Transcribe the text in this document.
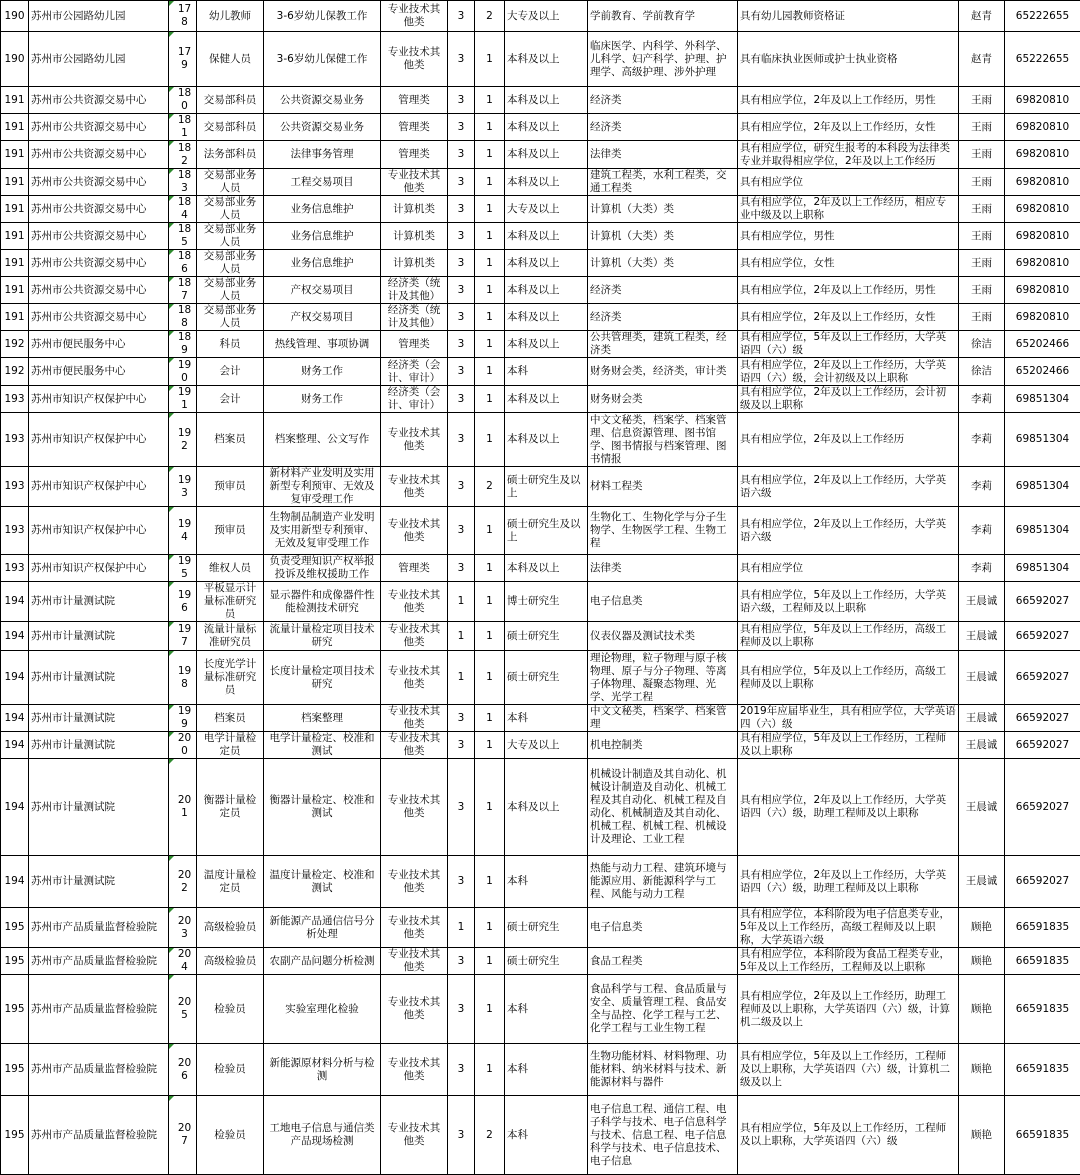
190	苏州市公园路幼儿园	178	幼儿教师	3-6岁幼儿保教工作	专业技术其他类	3	2	大专及以上	学前教育、学前教育学	具有幼儿园教师资格证	赵青	65222655
190	苏州市公园路幼儿园	179	保健人员	3-6岁幼儿保健工作	专业技术其他类	3	1	本科及以上	临床医学、内科学、外科学、儿科学、妇产科学、护理、护理学、高级护理、涉外护理	具有临床执业医师或护士执业资格	赵青	65222655
191	苏州市公共资源交易中心	180	交易部科员	公共资源交易业务	管理类	3	1	本科及以上	经济类	具有相应学位，2年及以上工作经历，男性	王雨	69820810
191	苏州市公共资源交易中心	181	交易部科员	公共资源交易业务	管理类	3	1	本科及以上	经济类	具有相应学位，2年及以上工作经历，女性	王雨	69820810
191	苏州市公共资源交易中心	182	法务部科员	法律事务管理	管理类	3	1	本科及以上	法律类	具有相应学位，研究生报考的本科段为法律类专业并取得相应学位，2年及以上工作经历	王雨	69820810
191	苏州市公共资源交易中心	183	交易部业务人员	工程交易项目	专业技术其他类	3	1	本科及以上	建筑工程类，水利工程类，交通工程类	具有相应学位	王雨	69820810
191	苏州市公共资源交易中心	184	交易部业务人员	业务信息维护	计算机类	3	1	大专及以上	计算机（大类）类	具有相应学位，2年及以上工作经历，相应专业中级及以上职称	王雨	69820810
191	苏州市公共资源交易中心	185	交易部业务人员	业务信息维护	计算机类	3	1	本科及以上	计算机（大类）类	具有相应学位，男性	王雨	69820810
191	苏州市公共资源交易中心	186	交易部业务人员	业务信息维护	计算机类	3	1	本科及以上	计算机（大类）类	具有相应学位，女性	王雨	69820810
191	苏州市公共资源交易中心	187	交易部业务人员	产权交易项目	经济类（统计及其他）	3	1	本科及以上	经济类	具有相应学位，2年及以上工作经历，男性	王雨	69820810
191	苏州市公共资源交易中心	188	交易部业务人员	产权交易项目	经济类（统计及其他）	3	1	本科及以上	经济类	具有相应学位，2年及以上工作经历，女性	王雨	69820810
192	苏州市便民服务中心	189	科员	热线管理、事项协调	管理类	3	1	本科及以上	公共管理类，建筑工程类，经济类	具有相应学位，5年及以上工作经历，大学英语四（六）级	徐洁	65202466
192	苏州市便民服务中心	190	会计	财务工作	经济类（会计、审计）	3	1	本科	财务财会类，经济类，审计类	具有相应学位，2年及以上工作经历，大学英语四（六）级，会计初级及以上职称	徐洁	65202466
193	苏州市知识产权保护中心	191	会计	财务工作	经济类（会计、审计）	3	1	本科及以上	财务财会类	具有相应学位，2年及以上工作经历，会计初级及以上职称	李莉	69851304
193	苏州市知识产权保护中心	192	档案员	档案整理、公文写作	专业技术其他类	3	1	本科及以上	中文文秘类，档案学、档案管理、信息资源管理、图书馆学、图书情报与档案管理、图书情报	具有相应学位，2年及以上工作经历	李莉	69851304
193	苏州市知识产权保护中心	193	预审员	新材料产业发明及实用新型专利预审、无效及复审受理工作	专业技术其他类	3	2	硕士研究生及以上	材料工程类	具有相应学位，2年及以上工作经历，大学英语六级	李莉	69851304
193	苏州市知识产权保护中心	194	预审员	生物制品制造产业发明及实用新型专利预审、无效及复审受理工作	专业技术其他类	3	1	硕士研究生及以上	生物化工、生物化学与分子生物学、生物医学工程、生物工程	具有相应学位，2年及以上工作经历，大学英语六级	李莉	69851304
193	苏州市知识产权保护中心	195	维权人员	负责受理知识产权举报投诉及维权援助工作	管理类	3	1	本科及以上	法律类	具有相应学位	李莉	69851304
194	苏州市计量测试院	196	平板显示计量标准研究员	显示器件和成像器件性能检测技术研究	专业技术其他类	1	1	博士研究生	电子信息类	具有相应学位，5年及以上工作经历，大学英语六级，工程师及以上职称	王晨诚	66592027
194	苏州市计量测试院	197	流量计量标准研究员	流量计量检定项目技术研究	专业技术其他类	1	1	硕士研究生	仪表仪器及测试技术类	具有相应学位，5年及以上工作经历，高级工程师及以上职称	王晨诚	66592027
194	苏州市计量测试院	198	长度光学计量标准研究员	长度计量检定项目技术研究	专业技术其他类	1	1	硕士研究生	理论物理，粒子物理与原子核物理、原子与分子物理、等离子体物理、凝聚态物理、光学、光学工程	具有相应学位，5年及以上工作经历，高级工程师及以上职称	王晨诚	66592027
194	苏州市计量测试院	199	档案员	档案整理	专业技术其他类	3	1	本科	中文文秘类，档案学、档案管理	2019年应届毕业生，具有相应学位，大学英语四（六）级	王晨诚	66592027
194	苏州市计量测试院	200	电学计量检定员	电学计量检定、校准和测试	专业技术其他类	3	1	大专及以上	机电控制类	具有相应学位，5年及以上工作经历，工程师及以上职称	王晨诚	66592027
194	苏州市计量测试院	201	衡器计量检定员	衡器计量检定、校准和测试	专业技术其他类	3	1	本科及以上	机械设计制造及其自动化、机械设计制造及自动化、机械工程及其自动化、机械工程及自动化、机械制造及其自动化、机械工程、机械工程、机械设计及理论、工业工程	具有相应学位，2年及以上工作经历，大学英语四（六）级，助理工程师及以上职称	王晨诚	66592027
194	苏州市计量测试院	202	温度计量检定员	温度计量检定、校准和测试	专业技术其他类	3	1	本科	热能与动力工程、建筑环境与能源应用、新能源科学与工程、风能与动力工程	具有相应学位，2年及以上工作经历，大学英语四（六）级，助理工程师及以上职称	王晨诚	66592027
195	苏州市产品质量监督检验院	203	高级检验员	新能源产品通信信号分析处理	专业技术其他类	1	1	硕士研究生	电子信息类	具有相应学位，本科阶段为电子信息类专业，5年及以上工作经历，高级工程师及以上职称，大学英语六级	顾艳	66591835
195	苏州市产品质量监督检验院	204	高级检验员	农副产品问题分析检测	专业技术其他类	3	1	硕士研究生	食品工程类	具有相应学位，本科阶段为食品工程类专业，5年及以上工作经历，工程师及以上职称	顾艳	66591835
195	苏州市产品质量监督检验院	205	检验员	实验室理化检验	专业技术其他类	3	1	本科	食品科学与工程、食品质量与安全、质量管理工程、食品安全与品控、化学工程与工艺、化学工程与工业生物工程	具有相应学位，2年及以上工作经历，助理工程师及以上职称，大学英语四（六）级，计算机二级及以上	顾艳	66591835
195	苏州市产品质量监督检验院	206	检验员	新能源原材料分析与检测	专业技术其他类	3	1	本科	生物功能材料、材料物理、功能材料、纳米材料与技术、新能源材料与器件	具有相应学位，5年及以上工作经历，工程师及以上职称，大学英语四（六）级，计算机二级及以上	顾艳	66591835
195	苏州市产品质量监督检验院	207	检验员	工地电子信息与通信类产品现场检测	专业技术其他类	3	2	本科	电子信息工程、通信工程、电子科学与技术、电子信息科学与技术、信息工程、电子信息科学与技术、电子信息技术、电子信息	具有相应学位，5年及以上工作经历，工程师及以上职称，大学英语四（六）级	顾艳	66591835
